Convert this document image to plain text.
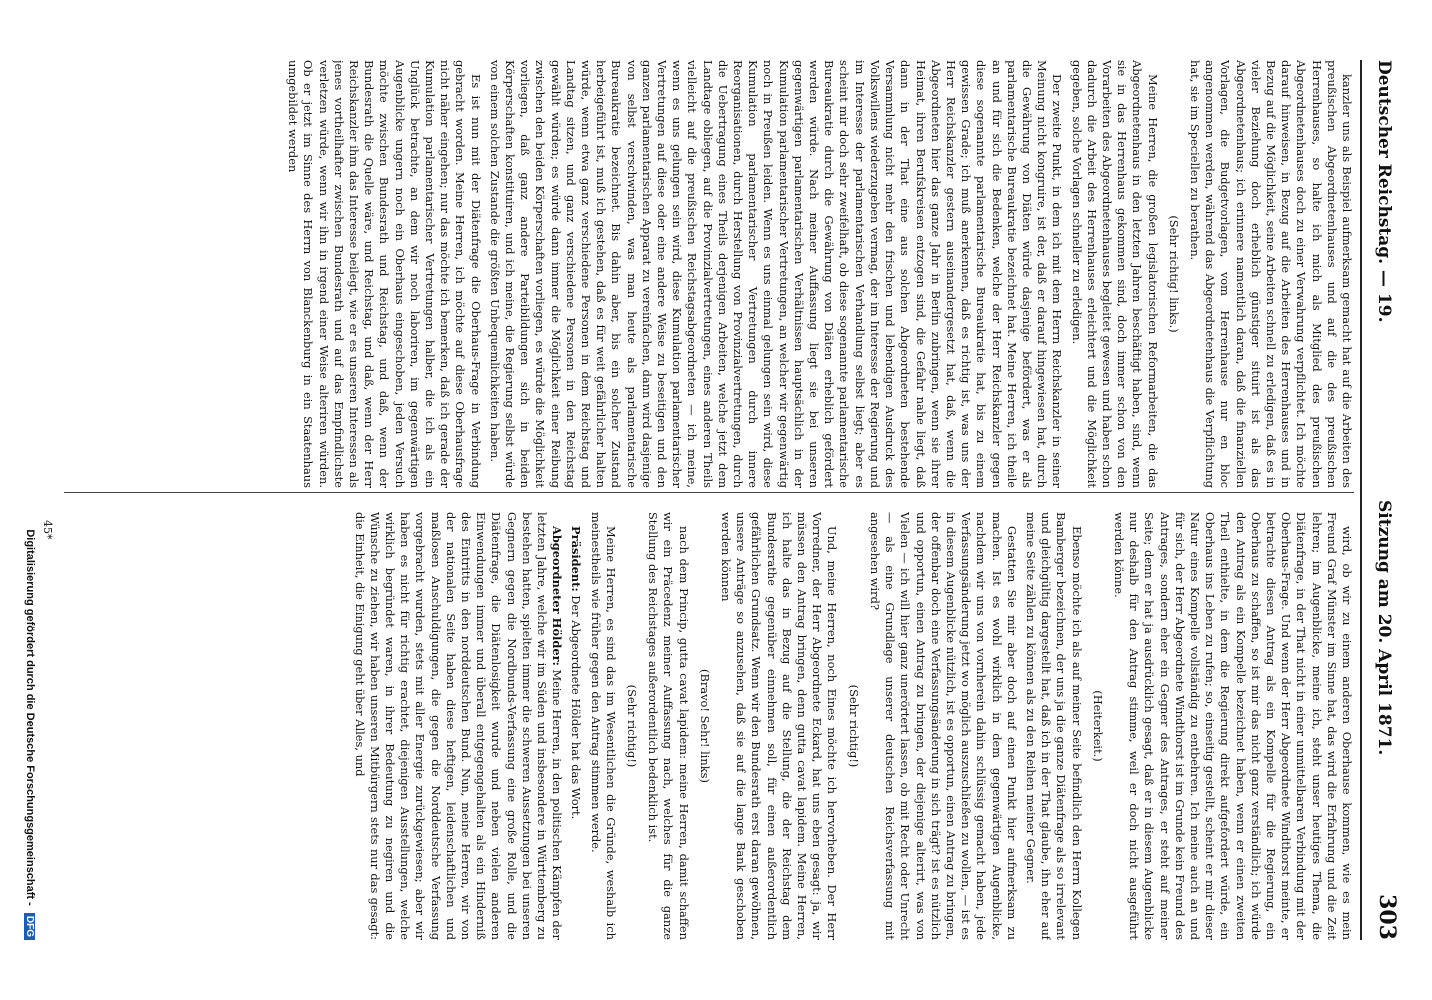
Deutscher Reichstag. — 19.
Sitzung am 20. April 1871.
303

kanzler uns als Beispiel aufmerksam gemacht hat auf die Arbeiten des preußischen Abgeordnetenhauses und auf die des preußischen Herrenhauses, so halte ich mich als Mitglied des preußischen Abgeordnetenhauses doch zu einer Verwahrung verpflichtet. Ich möchte darauf hinweisen, in Bezug auf die Arbeiten des Herrenhauses und in Bezug auf die Möglichkeit, seine Arbeiten schnell zu erledigen, daß es in vieler Beziehung doch erheblich günstiger situirt ist als das Abgeordnetenhaus; ich erinnere namentlich daran, daß die finanziellen Vorlagen, die Budgetvorlagen, vom Herrenhause nur en bloc angenommen werden, während das Abgeordnetenhaus die Verpflichtung hat, sie im Speciellen zu berathen.

(Sehr richtig! links.)

Meine Herren, die großen legislatorischen Reformarbeiten, die das Abgeordnetenhaus in den letzten Jahren beschäftigt haben, sind, wenn sie in das Herrenhaus gekommen sind, doch immer schon von den Vorarbeiten des Abgeordnetenhauses begleitet gewesen und haben schon dadurch die Arbeit des Herrenhauses erleichtert und die Möglichkeit gegeben, solche Vorlagen schneller zu erledigen.

Der zweite Punkt, in dem ich mit dem Herrn Reichskanzler in seiner Meinung nicht kongruire, ist der, daß er darauf hingewiesen hat, durch die Gewährung von Diäten würde dasjenige befördert, was er als parlamentarische Bureaukratie bezeichnet hat. Meine Herren, ich theile an und für sich die Bedenken, welche der Herr Reichskanzler gegen diese sogenannte parlamentarische Bureaukratie hat, bis zu einem gewissen Grade; ich muß anerkennen, daß es richtig ist, was uns der Herr Reichskanzler gestern auseinandergesetzt hat, daß, wenn die Abgeordneten hier das ganze Jahr in Berlin zubringen, wenn sie ihrer Heimat, ihren Berufskreisen entzogen sind, die Gefahr nahe liegt, daß dann in der That eine aus solchen Abgeordneten bestehende Versammlung nicht mehr den frischen und lebendigen Ausdruck des Volkswillens wiederzugeben vermag, der im Interesse der Regierung und im Interesse der parlamentarischen Verhandlung selbst liegt; aber es scheint mir doch sehr zweifelhaft, ob diese sogenannte parlamentarische Bureaukratie durch die Gewährung von Diäten erheblich gefördert werden würde. Nach meiner Auffassung liegt sie bei unseren gegenwärtigen parlamentarischen Verhältnissen hauptsächlich in der Kumulation parlamentarischer Vertretungen, an welcher wir gegenwärtig noch in Preußen leiden. Wenn es uns einmal gelungen sein wird, diese Kumulation parlamentarischer Vertretungen durch innere Reorganisationen, durch Herstellung von Provinzialvertretungen, durch die Uebertragung eines Theils derjenigen Arbeiten, welche jetzt dem Landtage obliegen, auf die Provinzialvertretungen, eines anderen Theils vielleicht auf die preußischen Reichstagsabgeordneten — ich meine, wenn es uns gelungen sein wird, diese Kumulation parlamentarischer Vertretungen auf diese oder eine andere Weise zu beseitigen und den ganzen parlamentarischen Apparat zu vereinfachen, dann wird dasjenige von selbst verschwinden, was man heute als parlamentarische Bureaukratie bezeichnet. Bis dahin aber, bis ein solcher Zustand herbeigeführt ist, muß ich gestehen, daß es für weit gefährlicher halten würde, wenn etwa ganz verschiedene Personen in dem Reichstag und Landtag sitzen, und ganz verschiedene Personen in den Reichstag gewählt würden; es würde dann immer die Möglichkeit einer Reibung zwischen den beiden Körperschaften vorliegen, es würde die Möglichkeit vorliegen, daß ganz andere Parteibildungen sich in beiden Körperschaften konstituiren, und ich meine, die Regierung selbst würde von einem solchen Zustande die größten Unbequemlichkeiten haben.

Es ist nun mit der Diätenfrage die Oberhaus-Frage in Verbindung gebracht worden. Meine Herren, ich möchte auf diese Oberhausfrage nicht näher eingehen; nur das möchte ich bemerken, daß ich gerade der Kumulation parlamentarischer Vertretungen halber, die ich als ein Unglück betrachte, an dem wir noch laboriren, im gegenwärtigen Augenblicke ungern noch ein Oberhaus eingeschoben, jeden Versuch möchte zwischen Bundesrath und Reichstag, und daß, wenn der Bundesrath die Quelle wäre, und Reichstag, und daß, wenn der Herr Reichskanzler ihm das Interesse beilegt, wie er es unseren Interessen als jenes vortheilhafter zwischen Bundesrath und auf das Empfindlichste verletzen würde, wenn wir ihn in irgend einer Weise alteriren würden. Ob er jetzt im Sinne des Herrn von Blanckenburg in ein Staatenhaus umgebildet werden

wird, ob wir zu einem anderen Oberhause kommen, wie es mein Freund Graf Münster im Sinne hat, das wird die Erfahrung und die Zeit lehren; im Augenblicke, meine ich, steht unser heutiges Thema, die Diätenfrage, in der That nicht in einer unmittelbaren Verbindung mit der Oberhaus-Frage. Und wenn der Herr Abgeordnete Windthorst meinte, er betrachte diesen Antrag als ein Kompelle für die Regierung, ein Oberhaus zu schaffen, so ist mir das nicht ganz verständlich; ich würde den Antrag als ein Kompelle bezeichnet haben, wenn er einen zweiten Theil enthielte, in dem die Regierung direkt aufgefordert würde, ein Oberhaus ins Leben zu rufen; so, einseitig gestellt, scheint er mir dieser Natur eines Kompelle vollständig zu entbehren. Ich meine auch an und für sich, der Herr Abgeordnete Windthorst ist im Grunde kein Freund des Antrages, sondern eher ein Gegner des Antrages, er steht auf meiner Seite; denn er hat ja ausdrücklich gesagt, daß er in diesem Augenblicke nur deshalb für den Antrag stimme, weil er doch nicht ausgeführt werden könne.

(Heiterkeit.)

Ebenso möchte ich als auf meiner Seite befindlich den Herrn Kollegen Bamberger bezeichnen, der uns ja die ganze Diätenfrage als so irrelevant und gleichgültig dargestellt hat, daß ich in der That glaube, ihn eher auf meine Seite zählen zu können als zu den Reihen meiner Gegner.

Gestatten Sie mir aber doch auf einen Punkt hier aufmerksam zu machen. Ist es wohl wirklich in dem gegenwärtigen Augenblicke, nachdem wir uns von vornherein dahin schlüssig gemacht haben, jede Verfassungsänderung jetzt wo möglich auszuschließen zu wollen, — ist es in diesem Augenblicke nützlich, ist es opportun, einen Antrag zu bringen, der offenbar doch eine Verfassungsänderung in sich trägt? ist es nützlich und opportun, einen Antrag zu bringen, der diejenige alterirt, was von Vielen — ich will hier ganz unerörtert lassen, ob mit Recht oder Unrecht — als eine Grundlage unserer deutschen Reichsverfassung mit angesehen wird?

(Sehr richtig!)

Und, meine Herren, noch Eines möchte ich hervorheben. Der Herr Vorredner, der Herr Abgeordnete Eckard, hat uns eben gesagt: ja, wir müssen den Antrag bringen, denn gutta cavat lapidem. Meine Herren, ich halte das in Bezug auf die Stellung, die der Reichstag dem Bundesrathe gegenüber einnehmen soll, für einen außerordentlich gefährlichen Grundsatz. Wenn wir den Bundesrath erst daran gewöhnen, unsere Anträge so anzusehen, daß sie auf die lange Bank geschoben werden können

(Bravo! Sehr! links)

nach dem Princip, gutta cavat lapidem: meine Herren, damit schaffen wir ein Präcedenz meiner Auffassung nach, welches für die ganze Stellung des Reichstages außerordentlich bedenklich ist.

(Sehr richtig!)

Meine Herren, es sind das im Wesentlichen die Gründe, weshalb ich meinestheils wie früher gegen den Antrag stimmen werde.

Präsident: Der Abgeordnete Hölder hat das Wort.

Abgeordneter Hölder: Meine Herren, in den politischen Kämpfen der letzten Jahre, welche wir im Süden und insbesondere in Württemberg zu bestehen hatten, spielten immer die schweren Aussetzungen bei unseren Gegnern gegen die Nordbunds-Verfassung eine große Rolle, und die Diätenfrage, die Diätenlosigkeit wurde und neben vielen anderen Einwendungen immer und überall entgegengehalten als ein Hinderniß des Eintritts in den norddeutschen Bund. Nun, meine Herren, wir von der nationalen Seite haben diese heftigen, leidenschaftlichen und maßlosen Anschuldigungen, die gegen die Norddeutsche Verfassung vorgebracht wurden, stets mit aller Energie zurückgewiesen; aber wir haben es nicht für richtig erachtet, diejenigen Ausstellungen, welche wirklich begründet waren, in ihrer Bedeutung zu negiren und die Wünsche zu ziehen, wir haben unseren Mitbürgern stets nur das gesagt: die Einheit, die Einigung geht über Alles, und

45*
Digitalisierung gefördert durch die Deutsche Forschungsgemeinschaft - DFG
